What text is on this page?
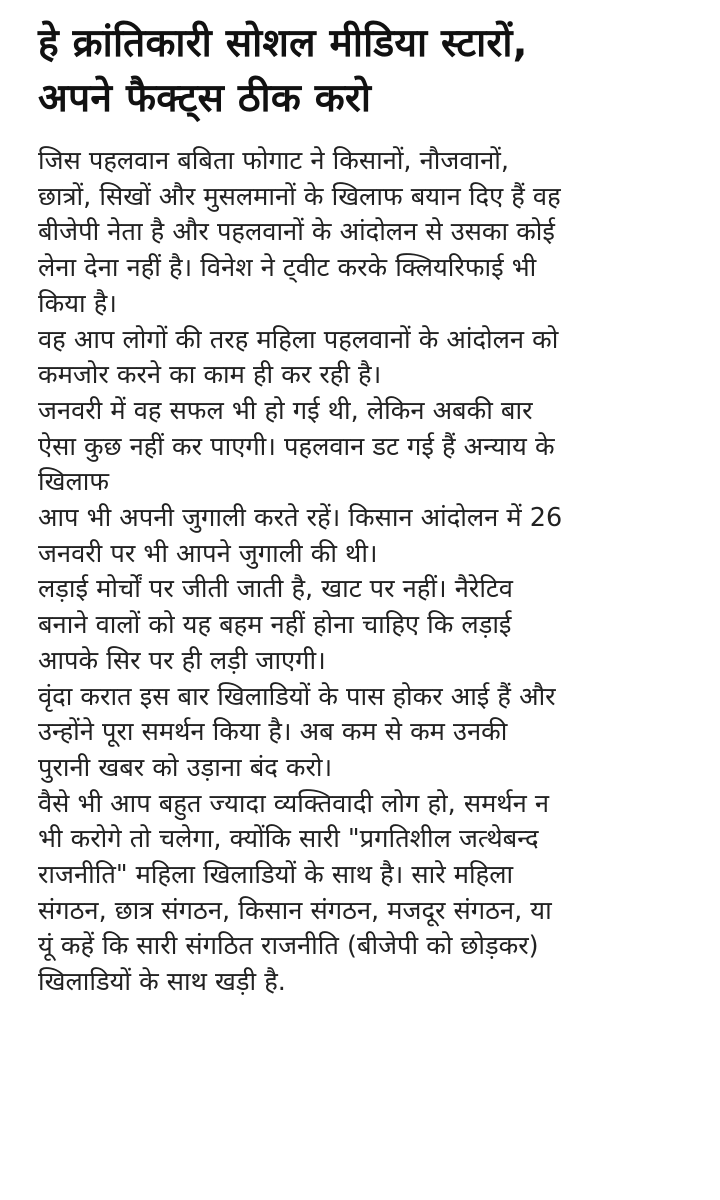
हे क्रांतिकारी सोशल मीडिया स्टारों,
अपने फैक्ट्स ठीक करो

जिस पहलवान बबिता फोगाट ने किसानों, नौजवानों,
छात्रों, सिखों और मुसलमानों के खिलाफ बयान दिए हैं वह
बीजेपी नेता है और पहलवानों के आंदोलन से उसका कोई
लेना देना नहीं है। विनेश ने ट्वीट करके क्लियरिफाई भी
किया है।

वह आप लोगों की तरह महिला पहलवानों के आंदोलन को
कमजोर करने का काम ही कर रही है।

जनवरी में वह सफल भी हो गई थी, लेकिन अबकी बार
ऐसा कुछ नहीं कर पाएगी। पहलवान डट गई हैं अन्याय के
खिलाफ

आप भी अपनी जुगाली करते रहें। किसान आंदोलन में 26
जनवरी पर भी आपने जुगाली की थी।

लड़ाई मोर्चों पर जीती जाती है, खाट पर नहीं। नैरेटिव
बनाने वालों को यह बहम नहीं होना चाहिए कि लड़ाई
आपके सिर पर ही लड़ी जाएगी।

वृंदा करात इस बार खिलाडियों के पास होकर आई हैं और
उन्होंने पूरा समर्थन किया है। अब कम से कम उनकी
पुरानी खबर को उड़ाना बंद करो।

वैसे भी आप बहुत ज्यादा व्यक्तिवादी लोग हो, समर्थन न
भी करोगे तो चलेगा, क्योंकि सारी "प्रगतिशील जत्थेबन्द
राजनीति" महिला खिलाडियों के साथ है। सारे महिला
संगठन, छात्र संगठन, किसान संगठन, मजदूर संगठन, या
यूं कहें कि सारी संगठित राजनीति (बीजेपी को छोड़कर)
खिलाडियों के साथ खड़ी है.
